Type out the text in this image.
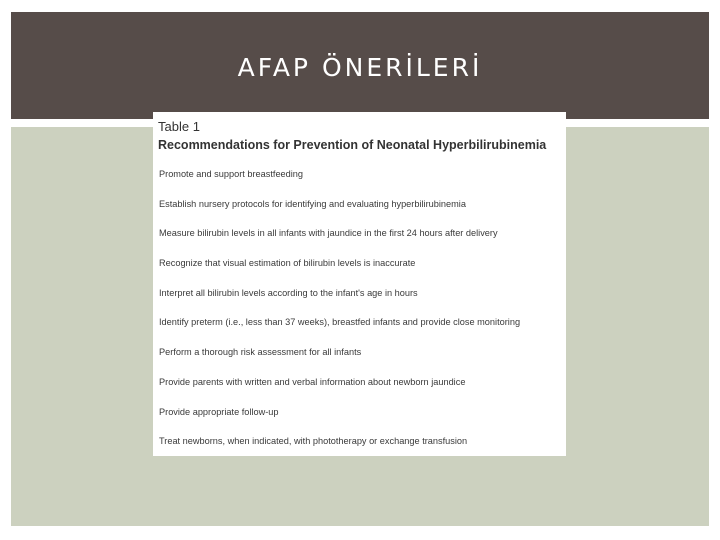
AFAP ÖNERİLERİ

Table 1

Recommendations for Prevention of Neonatal Hyperbilirubinemia

Promote and support breastfeeding
Establish nursery protocols for identifying and evaluating hyperbilirubinemia
Measure bilirubin levels in all infants with jaundice in the first 24 hours after delivery
Recognize that visual estimation of bilirubin levels is inaccurate
Interpret all bilirubin levels according to the infant's age in hours
Identify preterm (i.e., less than 37 weeks), breastfed infants and provide close monitoring
Perform a thorough risk assessment for all infants
Provide parents with written and verbal information about newborn jaundice
Provide appropriate follow-up
Treat newborns, when indicated, with phototherapy or exchange transfusion
